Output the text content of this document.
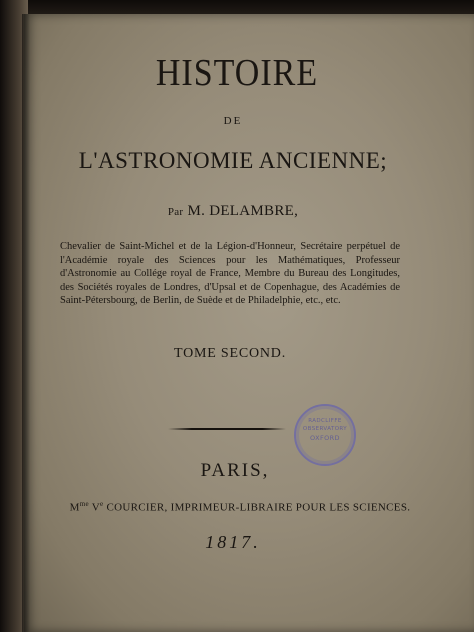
HISTOIRE
DE
L'ASTRONOMIE ANCIENNE;
Par M. DELAMBRE,
Chevalier de Saint-Michel et de la Légion-d'Honneur, Secrétaire perpétuel de l'Académie royale des Sciences pour les Mathématiques, Professeur d'Astronomie au Collége royal de France, Membre du Bureau des Longitudes, des Sociétés royales de Londres, d'Upsal et de Copenhague, des Académies de Saint-Pétersbourg, de Berlin, de Suède et de Philadelphie, etc., etc.
TOME SECOND.
RADCLIFFE
OBSERVATORY
OXFORD
PARIS,
$M^{me}$ Ve COURCIER, IMPRIMEUR-LIBRAIRE POUR LES SCIENCES.
1817.
